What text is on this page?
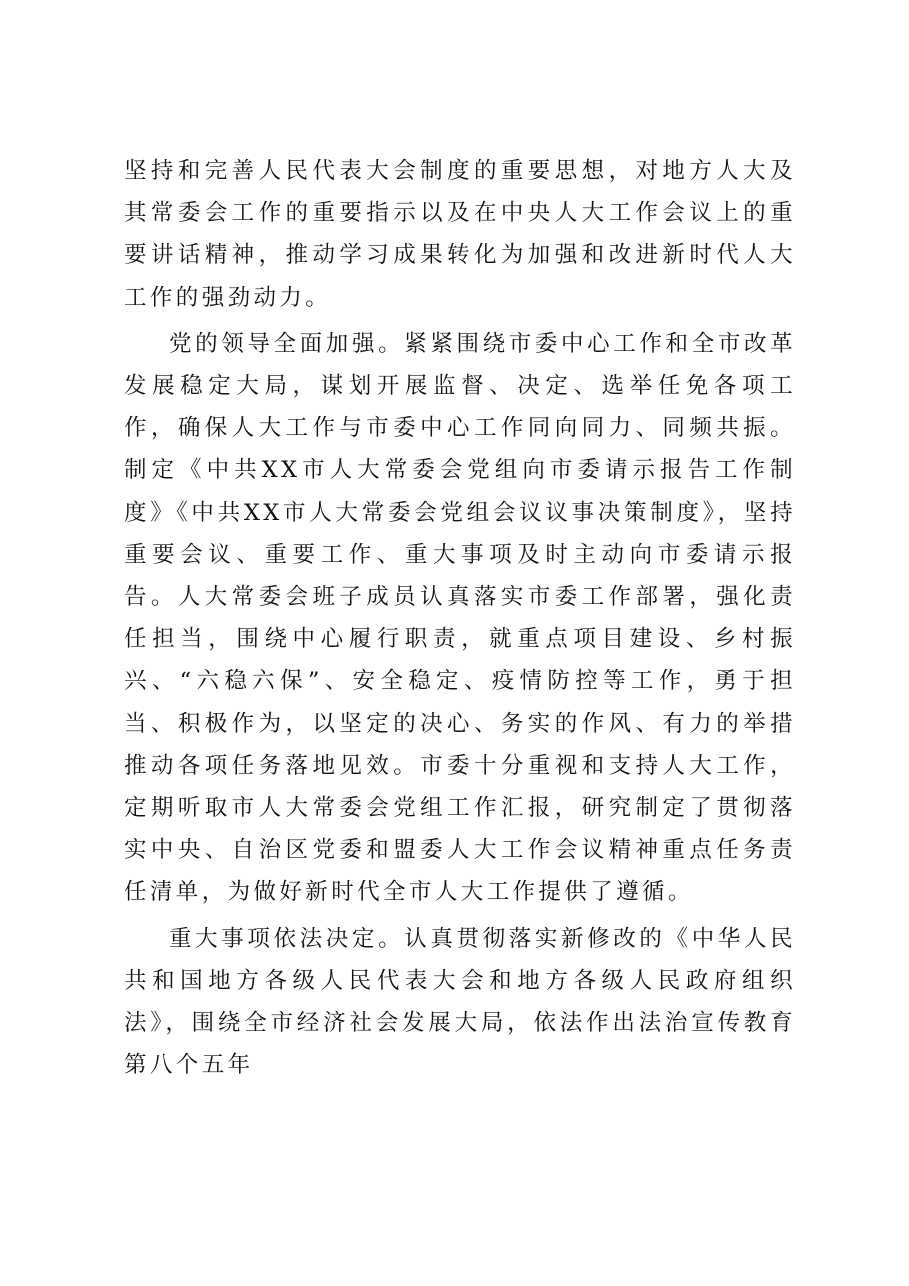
坚持和完善人民代表大会制度的重要思想，对地方人大及其常委会工作的重要指示以及在中央人大工作会议上的重要讲话精神，推动学习成果转化为加强和改进新时代人大工作的强劲动力。

党的领导全面加强。紧紧围绕市委中心工作和全市改革发展稳定大局，谋划开展监督、决定、选举任免各项工作，确保人大工作与市委中心工作同向同力、同频共振。制定《中共XX市人大常委会党组向市委请示报告工作制度》《中共XX市人大常委会党组会议议事决策制度》，坚持重要会议、重要工作、重大事项及时主动向市委请示报告。人大常委会班子成员认真落实市委工作部署，强化责任担当，围绕中心履行职责，就重点项目建设、乡村振兴、“六稳六保”、安全稳定、疫情防控等工作，勇于担当、积极作为，以坚定的决心、务实的作风、有力的举措推动各项任务落地见效。市委十分重视和支持人大工作，定期听取市人大常委会党组工作汇报，研究制定了贯彻落实中央、自治区党委和盟委人大工作会议精神重点任务责任清单，为做好新时代全市人大工作提供了遵循。

重大事项依法决定。认真贯彻落实新修改的《中华人民共和国地方各级人民代表大会和地方各级人民政府组织法》，围绕全市经济社会发展大局，依法作出法治宣传教育第八个五年
